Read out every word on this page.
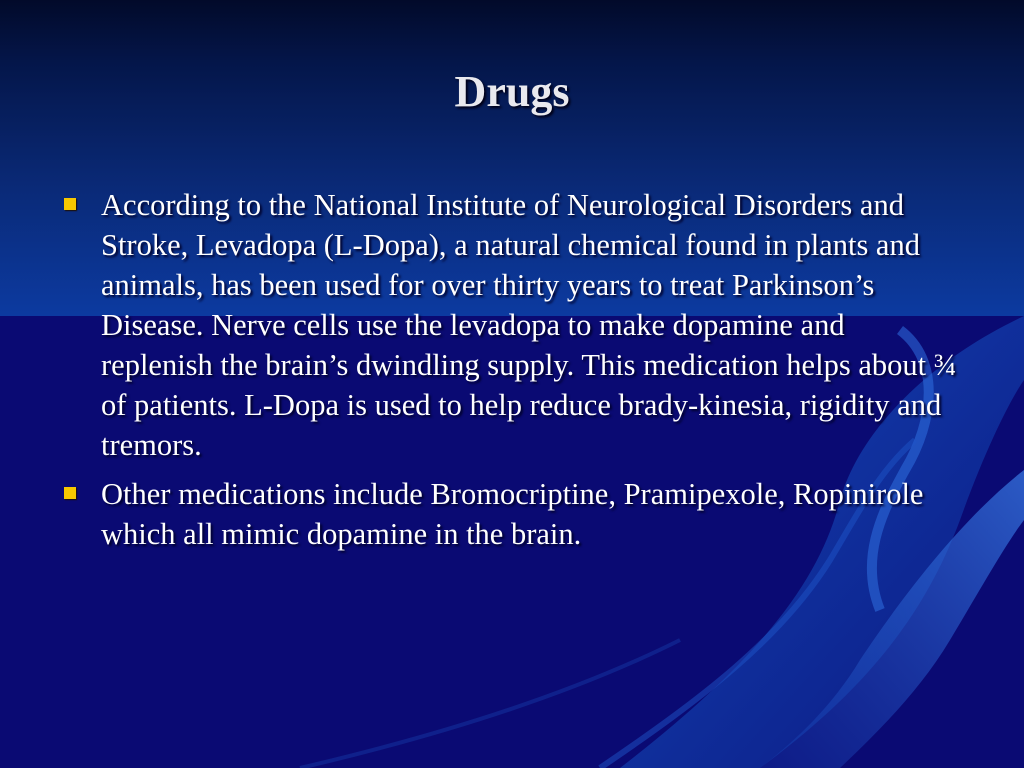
Drugs
According to the National Institute of Neurological Disorders and Stroke, Levadopa (L-Dopa), a natural chemical found in plants and animals, has been used for over thirty years to treat Parkinson’s Disease. Nerve cells use the levadopa to make dopamine and replenish the brain’s dwindling supply. This medication helps about ¾ of patients. L-Dopa is used to help reduce brady-kinesia, rigidity and tremors.
Other medications include Bromocriptine, Pramipexole, Ropinirole which all mimic dopamine in the brain.
